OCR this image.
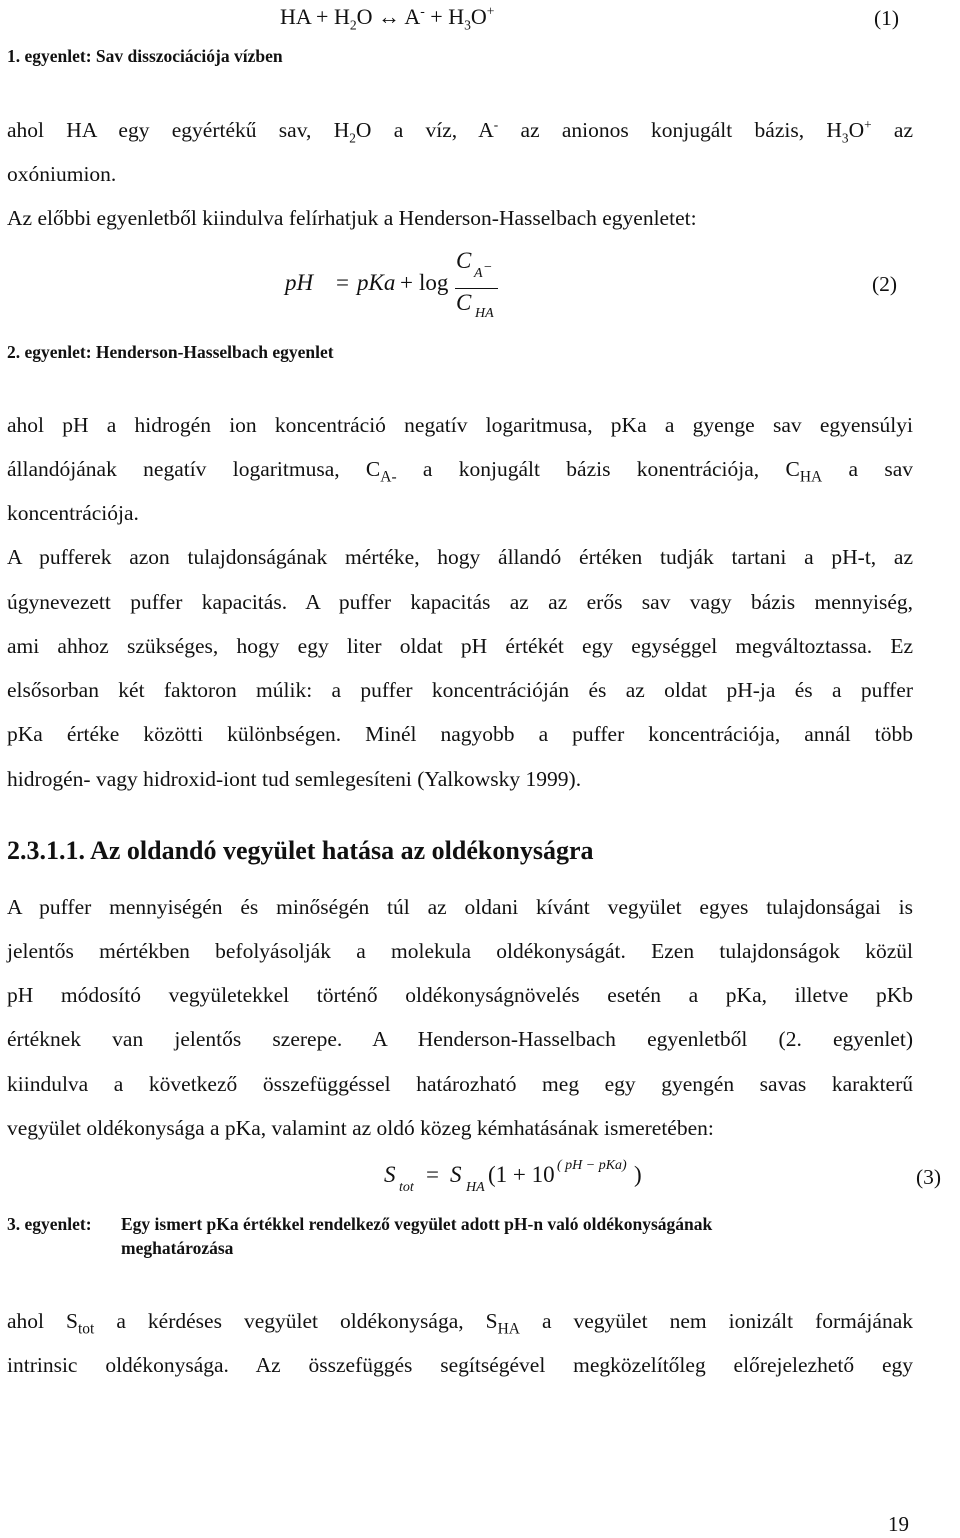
HA + $H_2O$ ↔ $A^- + H_3O^+$	(1)
1. egyenlet: Sav disszociációja vízben
ahol HA egy egyértékű sav, $H_2O$ a víz, A- az anionos konjugált bázis, $H_3O^+$ az
oxóniumion.
Az előbbi egyenletből kiindulva felírhatjuk a Henderson-Hasselbach egyenletet:
pH = pKa + log
C
A −
C HA
(2)
2. egyenlet: Henderson-Hasselbach egyenlet
ahol pH a hidrogén ion koncentráció negatív logaritmusa, pKa a gyenge sav egyensúlyi
állandójának negatív logaritmusa, $C_{A-}$ a konjugált bázis konentrációja, $C_{HA}$ a sav
koncentrációja.
A pufferek azon tulajdonságának mértéke, hogy állandó értéken tudják tartani a pH-t, az
úgynevezett puffer kapacitás. A puffer kapacitás az az erős sav vagy bázis mennyiség,
ami ahhoz szükséges, hogy egy liter oldat pH értékét egy egységgel megváltoztassa. Ez
elsősorban két faktoron múlik: a puffer koncentrációján és az oldat pH-ja és a puffer
pKa értéke közötti különbségen. Minél nagyobb a puffer koncentrációja, annál több
hidrogén- vagy hidroxid-iont tud semlegesíteni (Yalkowsky 1999).
2.3.1.1. Az oldandó vegyület hatása az oldékonyságra
A puffer mennyiségén és minőségén túl az oldani kívánt vegyület egyes tulajdonságai is
jelentős mértékben befolyásolják a molekula oldékonyságát. Ezen tulajdonságok közül
pH módosító vegyületekkel történő oldékonyságnövelés esetén a pKa, illetve pKb
értéknek van jelentős szerepe. A Henderson-Hasselbach egyenletből (2. egyenlet)
kiindulva a következő összefüggéssel határozható meg egy gyengén savas karakterű
vegyület oldékonysága a pKa, valamint az oldó közeg kémhatásának ismeretében:
S
tot
= S
HA
(1 + 10 ( pH − pKa) )	(3)
3. egyenlet: Egy ismert pKa értékkel rendelkező vegyület adott pH-n való oldékonyságának
meghatározása
ahol $S_{tot}$ a kérdéses vegyület oldékonysága, $S_{HA}$ a vegyület nem ionizált formájának
intrinsic oldékonysága. Az összefüggés segítségével megközelítőleg előrejelezhető egy
19
